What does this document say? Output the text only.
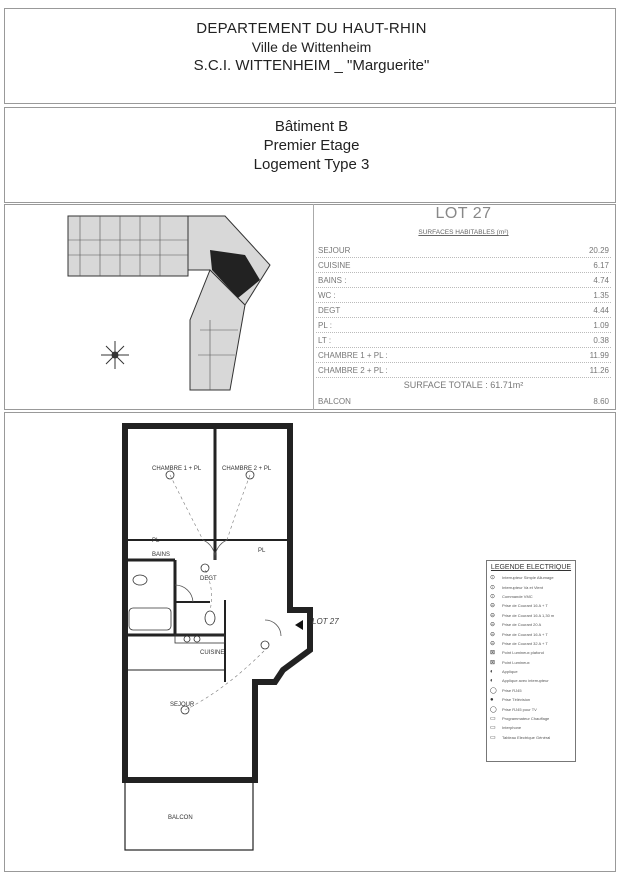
DEPARTEMENT DU HAUT-RHIN
Ville de Wittenheim
S.C.I. WITTENHEIM _ "Marguerite"
Bâtiment B
Premier Etage
Logement Type 3
LOT 27
SURFACES HABITABLES (m²)
SEJOUR	20.29
CUISINE	6.17
BAINS :	4.74
WC :	1.35
DEGT	4.44
PL :	1.09
LT :	0.38
CHAMBRE 1 + PL :	11.99
CHAMBRE 2 + PL :	11.26
SURFACE TOTALE : 61.71m²
BALCON	8.60
CHAMBRE 1 + PL	CHAMBRE 2 + PL
BAINS
PL
PL
DEGT
CUISINE
SEJOUR
BALCON
LOT 27
LEGENDE ELECTRIQUE
⊙	Interrupteur Simple Allumage
⊙	Interrupteur Va et Vient
⊙	Commande VMC
⊖	Prise de Courant 16 A + T
⊖	Prise de Courant 16 A 1,30 m
⊖	Prise de Courant 20 A
⊖	Prise de Courant 16 A + T
⊖	Prise de Courant 32 A + T
⊠	Point Lumineux plafond
⊠	Point Lumineux
◐	Applique
◐	Applique avec interrupteur
◯	Prise RJ45
●	Prise Télévision
◯	Prise RJ45 pour TV
▭	Programmateur Chauffage
▭	Interphone
▭	Tableau Electrique Général
